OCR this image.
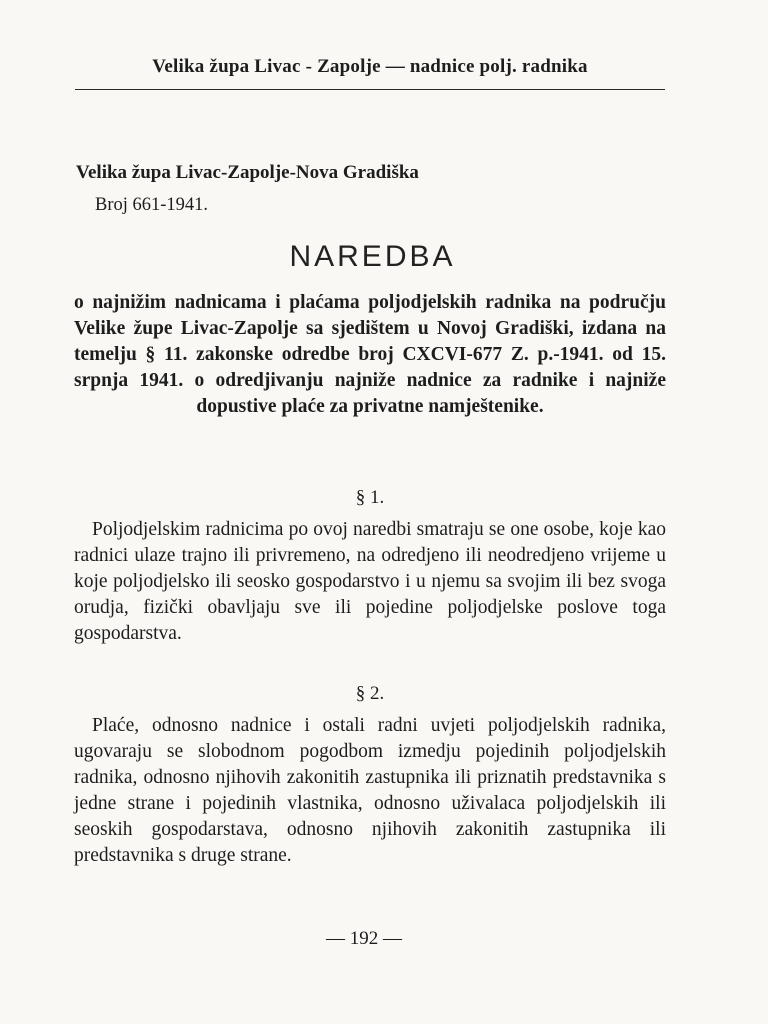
Velika župa Livac - Zapolje — nadnice polj. radnika
Velika župa Livac-Zapolje-Nova Gradiška
Broj 661-1941.
NAREDBA

o najnižim nadnicama i plaćama poljodjelskih radnika na području Velike župe Livac-Zapolje sa sjedištem u Novoj Gradiški, izdana na temelju § 11. zakonske odredbe broj CXCVI-677 Z. p.-1941. od 15. srpnja 1941. o odredjivanju najniže nadnice za radnike i najniže dopustive plaće za privatne namještenike.

§ 1.

Poljodjelskim radnicima po ovoj naredbi smatraju se one osobe, koje kao radnici ulaze trajno ili privremeno, na odredjeno ili neodredjeno vrijeme u koje poljodjelsko ili seosko gospodarstvo i u njemu sa svojim ili bez svoga orudja, fizički obavljaju sve ili pojedine poljodjelske poslove toga gospodarstva.

§ 2.

Plaće, odnosno nadnice i ostali radni uvjeti poljodjelskih radnika, ugovaraju se slobodnom pogodbom izmedju pojedinih poljodjelskih radnika, odnosno njihovih zakonitih zastupnika ili priznatih predstavnika s jedne strane i pojedinih vlastnika, odnosno uživalaca poljodjelskih ili seoskih gospodarstava, odnosno njihovih zakonitih zastupnika ili predstavnika s druge strane.

— 192 —
